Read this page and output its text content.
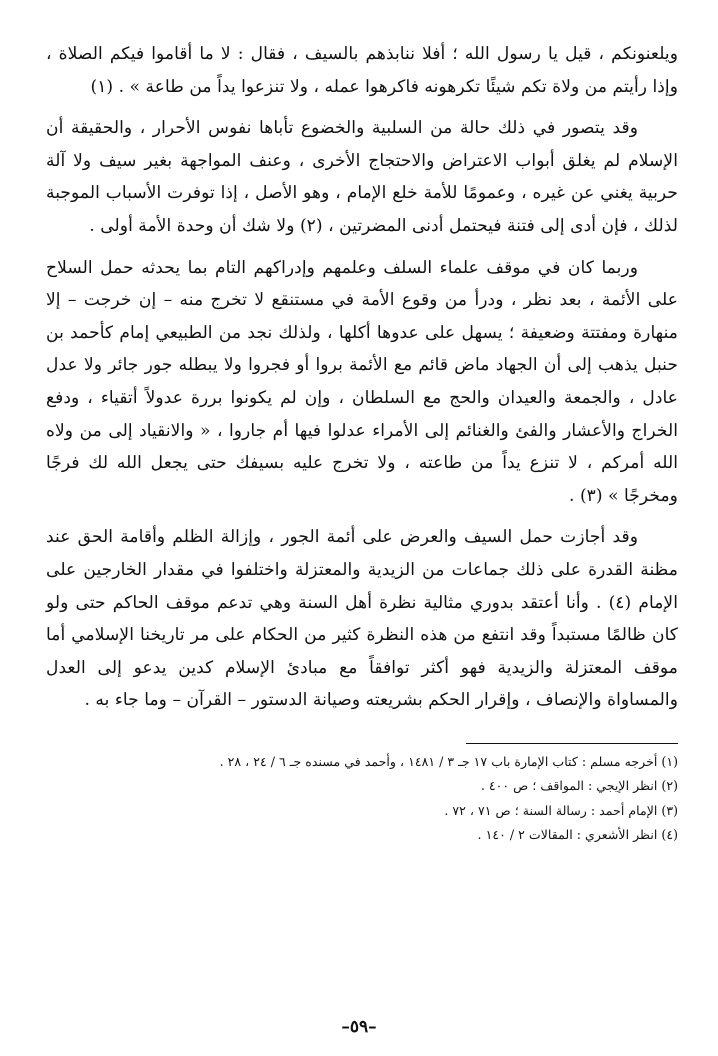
ويلعنونكم ، قيل يا رسول الله ؛ أفلا ننابذهم بالسيف ، فقال : لا ما أقاموا فيكم الصلاة ، وإذا رأيتم من ولاة تكم شيئًا تكرهونه فاكرهوا عمله ، ولا تنزعوا يداً من طاعة » . (١)

وقد يتصور في ذلك حالة من السلبية والخضوع تأباها نفوس الأحرار ، والحقيقة أن الإسلام لم يغلق أبواب الاعتراض والاحتجاج الأخرى ، وعنف المواجهة بغير سيف ولا آلة حربية يغني عن غيره ، وعمومًا للأمة خلع الإمام ، وهو الأصل ، إذا توفرت الأسباب الموجبة لذلك ، فإن أدى إلى فتنة فيحتمل أدنى المضرتين ، (٢) ولا شك أن وحدة الأمة أولى .

وربما كان في موقف علماء السلف وعلمهم وإدراكهم التام بما يحدثه حمل السلاح على الأئمة ، بعد نظر ، ودرأ من وقوع الأمة في مستنقع لا تخرج منه – إن خرجت – إلا منهارة ومفتتة وضعيفة ؛ يسهل على عدوها أكلها ، ولذلك نجد من الطبيعي إمام كأحمد بن حنبل يذهب إلى أن الجهاد ماض قائم مع الأئمة بروا أو فجروا ولا يبطله جور جائر ولا عدل عادل ، والجمعة والعيدان والحج مع السلطان ، وإن لم يكونوا بررة عدولاً أتقياء ، ودفع الخراج والأعشار والفئ والغنائم إلى الأمراء عدلوا فيها أم جاروا ، « والانقياد إلى من ولاه الله أمركم ، لا تنزع يداً من طاعته ، ولا تخرج عليه بسيفك حتى يجعل الله لك فرجًا ومخرجًا » (٣) .

وقد أجازت حمل السيف والعرض على أئمة الجور ، وإزالة الظلم وأقامة الحق عند مظنة القدرة على ذلك جماعات من الزيدية والمعتزلة واختلفوا في مقدار الخارجين على الإمام (٤) . وأنا أعتقد بدوري مثالية نظرة أهل السنة وهي تدعم موقف الحاكم حتى ولو كان ظالمًا مستبداً وقد انتفع من هذه النظرة كثير من الحكام على مر تاريخنا الإسلامي أما موقف المعتزلة والزيدية فهو أكثر توافقاً مع مبادئ الإسلام كدين يدعو إلى العدل والمساواة والإنصاف ، وإقرار الحكم بشريعته وصيانة الدستور – القرآن – وما جاء به .

(١) أخرجه مسلم : كتاب الإمارة باب ١٧ جـ ٣ / ١٤٨١ ، وأحمد في مسنده جـ ٦ / ٢٤ ، ٢٨ .

(٢) انظر الإيجي : المواقف ؛ ص ٤٠٠ .

(٣) الإمام أحمد : رسالة السنة ؛ ص ٧١ ، ٧٢ .

(٤) انظر الأشعري : المقالات ٢ / ١٤٠ .

–٥٩–
